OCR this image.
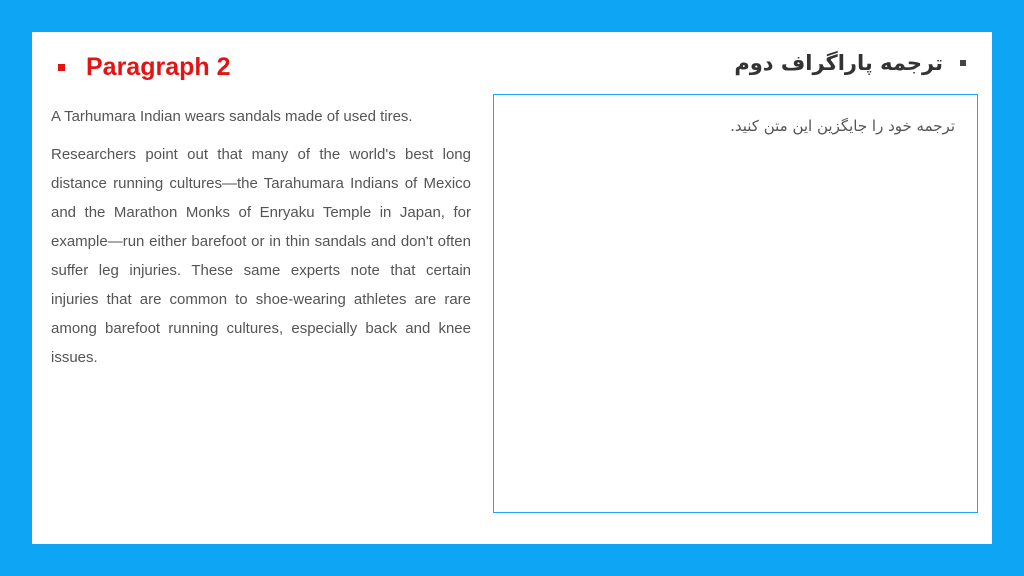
Paragraph 2	ترجمه پاراگراف دوم

A Tarhumara Indian wears sandals made of used tires.

Researchers point out that many of the world's best long distance running cultures—the Tarahumara Indians of Mexico and the Marathon Monks of Enryaku Temple in Japan, for example—run either barefoot or in thin sandals and don't often suffer leg injuries. These same experts note that certain injuries that are common to shoe-wearing athletes are rare among barefoot running cultures, especially back and knee issues.

ترجمه خود را جایگزین این متن کنید.
